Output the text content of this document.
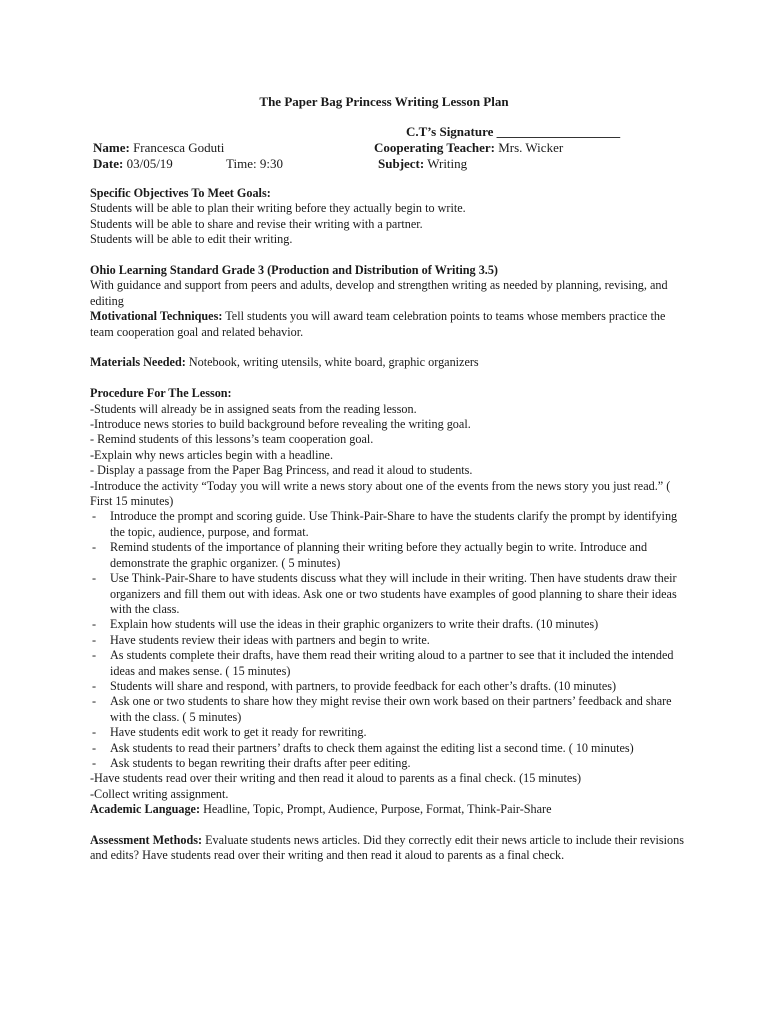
The Paper Bag Princess Writing Lesson Plan
C.T’s Signature ___________________
Name: Francesca Goduti
Date: 03/05/19	Time: 9:30
Cooperating Teacher: Mrs. Wicker
Subject: Writing

Specific Objectives To Meet Goals:

Students will be able to plan their writing before they actually begin to write.

Students will be able to share and revise their writing with a partner.

Students will be able to edit their writing.

Ohio Learning Standard Grade 3 (Production and Distribution of Writing 3.5)

With guidance and support from peers and adults, develop and strengthen writing as needed by planning, revising, and editing

Motivational Techniques: Tell students you will award team celebration points to teams whose members practice the team cooperation goal and related behavior.

Materials Needed: Notebook, writing utensils, white board, graphic organizers

Procedure For The Lesson:

-Students will already be in assigned seats from the reading lesson.

-Introduce news stories to build background before revealing the writing goal.

- Remind students of this lessons’s team cooperation goal.

-Explain why news articles begin with a headline.

- Display a passage from the Paper Bag Princess, and read it aloud to students.

-Introduce the activity “Today you will write a news story about one of the events from the news story you just read.” ( First 15 minutes)

-	Introduce the prompt and scoring guide. Use Think-Pair-Share to have the students clarify the prompt by identifying the topic, audience, purpose, and format.
-	Remind students of the importance of planning their writing before they actually begin to write. Introduce and demonstrate the graphic organizer. ( 5 minutes)
-	Use Think-Pair-Share to have students discuss what they will include in their writing. Then have students draw their organizers and fill them out with ideas. Ask one or two students have examples of good planning to share their ideas with the class.
-	Explain how students will use the ideas in their graphic organizers to write their drafts. (10 minutes)
-	Have students review their ideas with partners and begin to write.
-	As students complete their drafts, have them read their writing aloud to a partner to see that it included the intended ideas and makes sense. ( 15 minutes)
-	Students will share and respond, with partners, to provide feedback for each other’s drafts. (10 minutes)
-	Ask one or two students to share how they might revise their own work based on their partners’ feedback and share with the class. ( 5 minutes)
-	Have students edit work to get it ready for rewriting.
-	Ask students to read their partners’ drafts to check them against the editing list a second time. ( 10 minutes)
-	Ask students to began rewriting their drafts after peer editing.

-Have students read over their writing and then read it aloud to parents as a final check. (15 minutes)

-Collect writing assignment.

Academic Language: Headline, Topic, Prompt, Audience, Purpose, Format, Think-Pair-Share

Assessment Methods: Evaluate students news articles. Did they correctly edit their news article to include their revisions and edits? Have students read over their writing and then read it aloud to parents as a final check.
